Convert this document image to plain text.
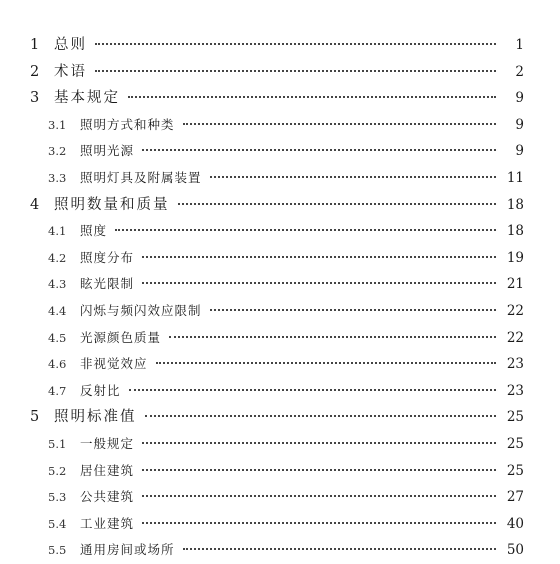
1	总则	1
2	术语	2
3	基本规定	9
3.1	照明方式和种类	9
3.2	照明光源	9
3.3	照明灯具及附属装置	11
4	照明数量和质量	18
4.1	照度	18
4.2	照度分布	19
4.3	眩光限制	21
4.4	闪烁与频闪效应限制	22
4.5	光源颜色质量	22
4.6	非视觉效应	23
4.7	反射比	23
5	照明标准值	25
5.1	一般规定	25
5.2	居住建筑	25
5.3	公共建筑	27
5.4	工业建筑	40
5.5	通用房间或场所	50
